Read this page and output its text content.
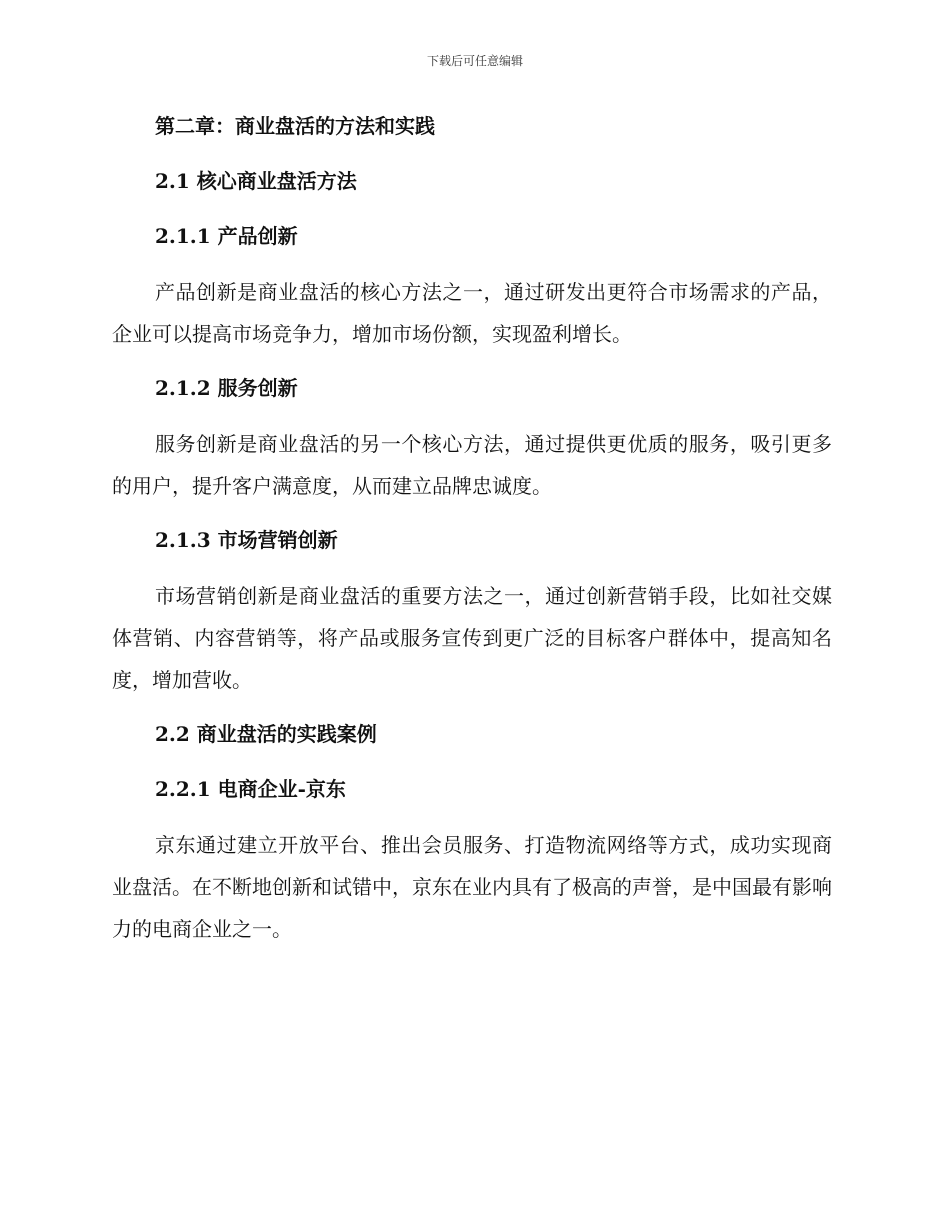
下载后可任意编辑
第二章：商业盘活的方法和实践
2.1 核心商业盘活方法
2.1.1 产品创新

产品创新是商业盘活的核心方法之一，通过研发出更符合市场需求的产品，企业可以提高市场竞争力，增加市场份额，实现盈利增长。

2.1.2 服务创新

服务创新是商业盘活的另一个核心方法，通过提供更优质的服务，吸引更多的用户，提升客户满意度，从而建立品牌忠诚度。

2.1.3 市场营销创新

市场营销创新是商业盘活的重要方法之一，通过创新营销手段，比如社交媒体营销、内容营销等，将产品或服务宣传到更广泛的目标客户群体中，提高知名度，增加营收。

2.2 商业盘活的实践案例
2.2.1 电商企业-京东

京东通过建立开放平台、推出会员服务、打造物流网络等方式，成功实现商业盘活。在不断地创新和试错中，京东在业内具有了极高的声誉，是中国最有影响力的电商企业之一。
